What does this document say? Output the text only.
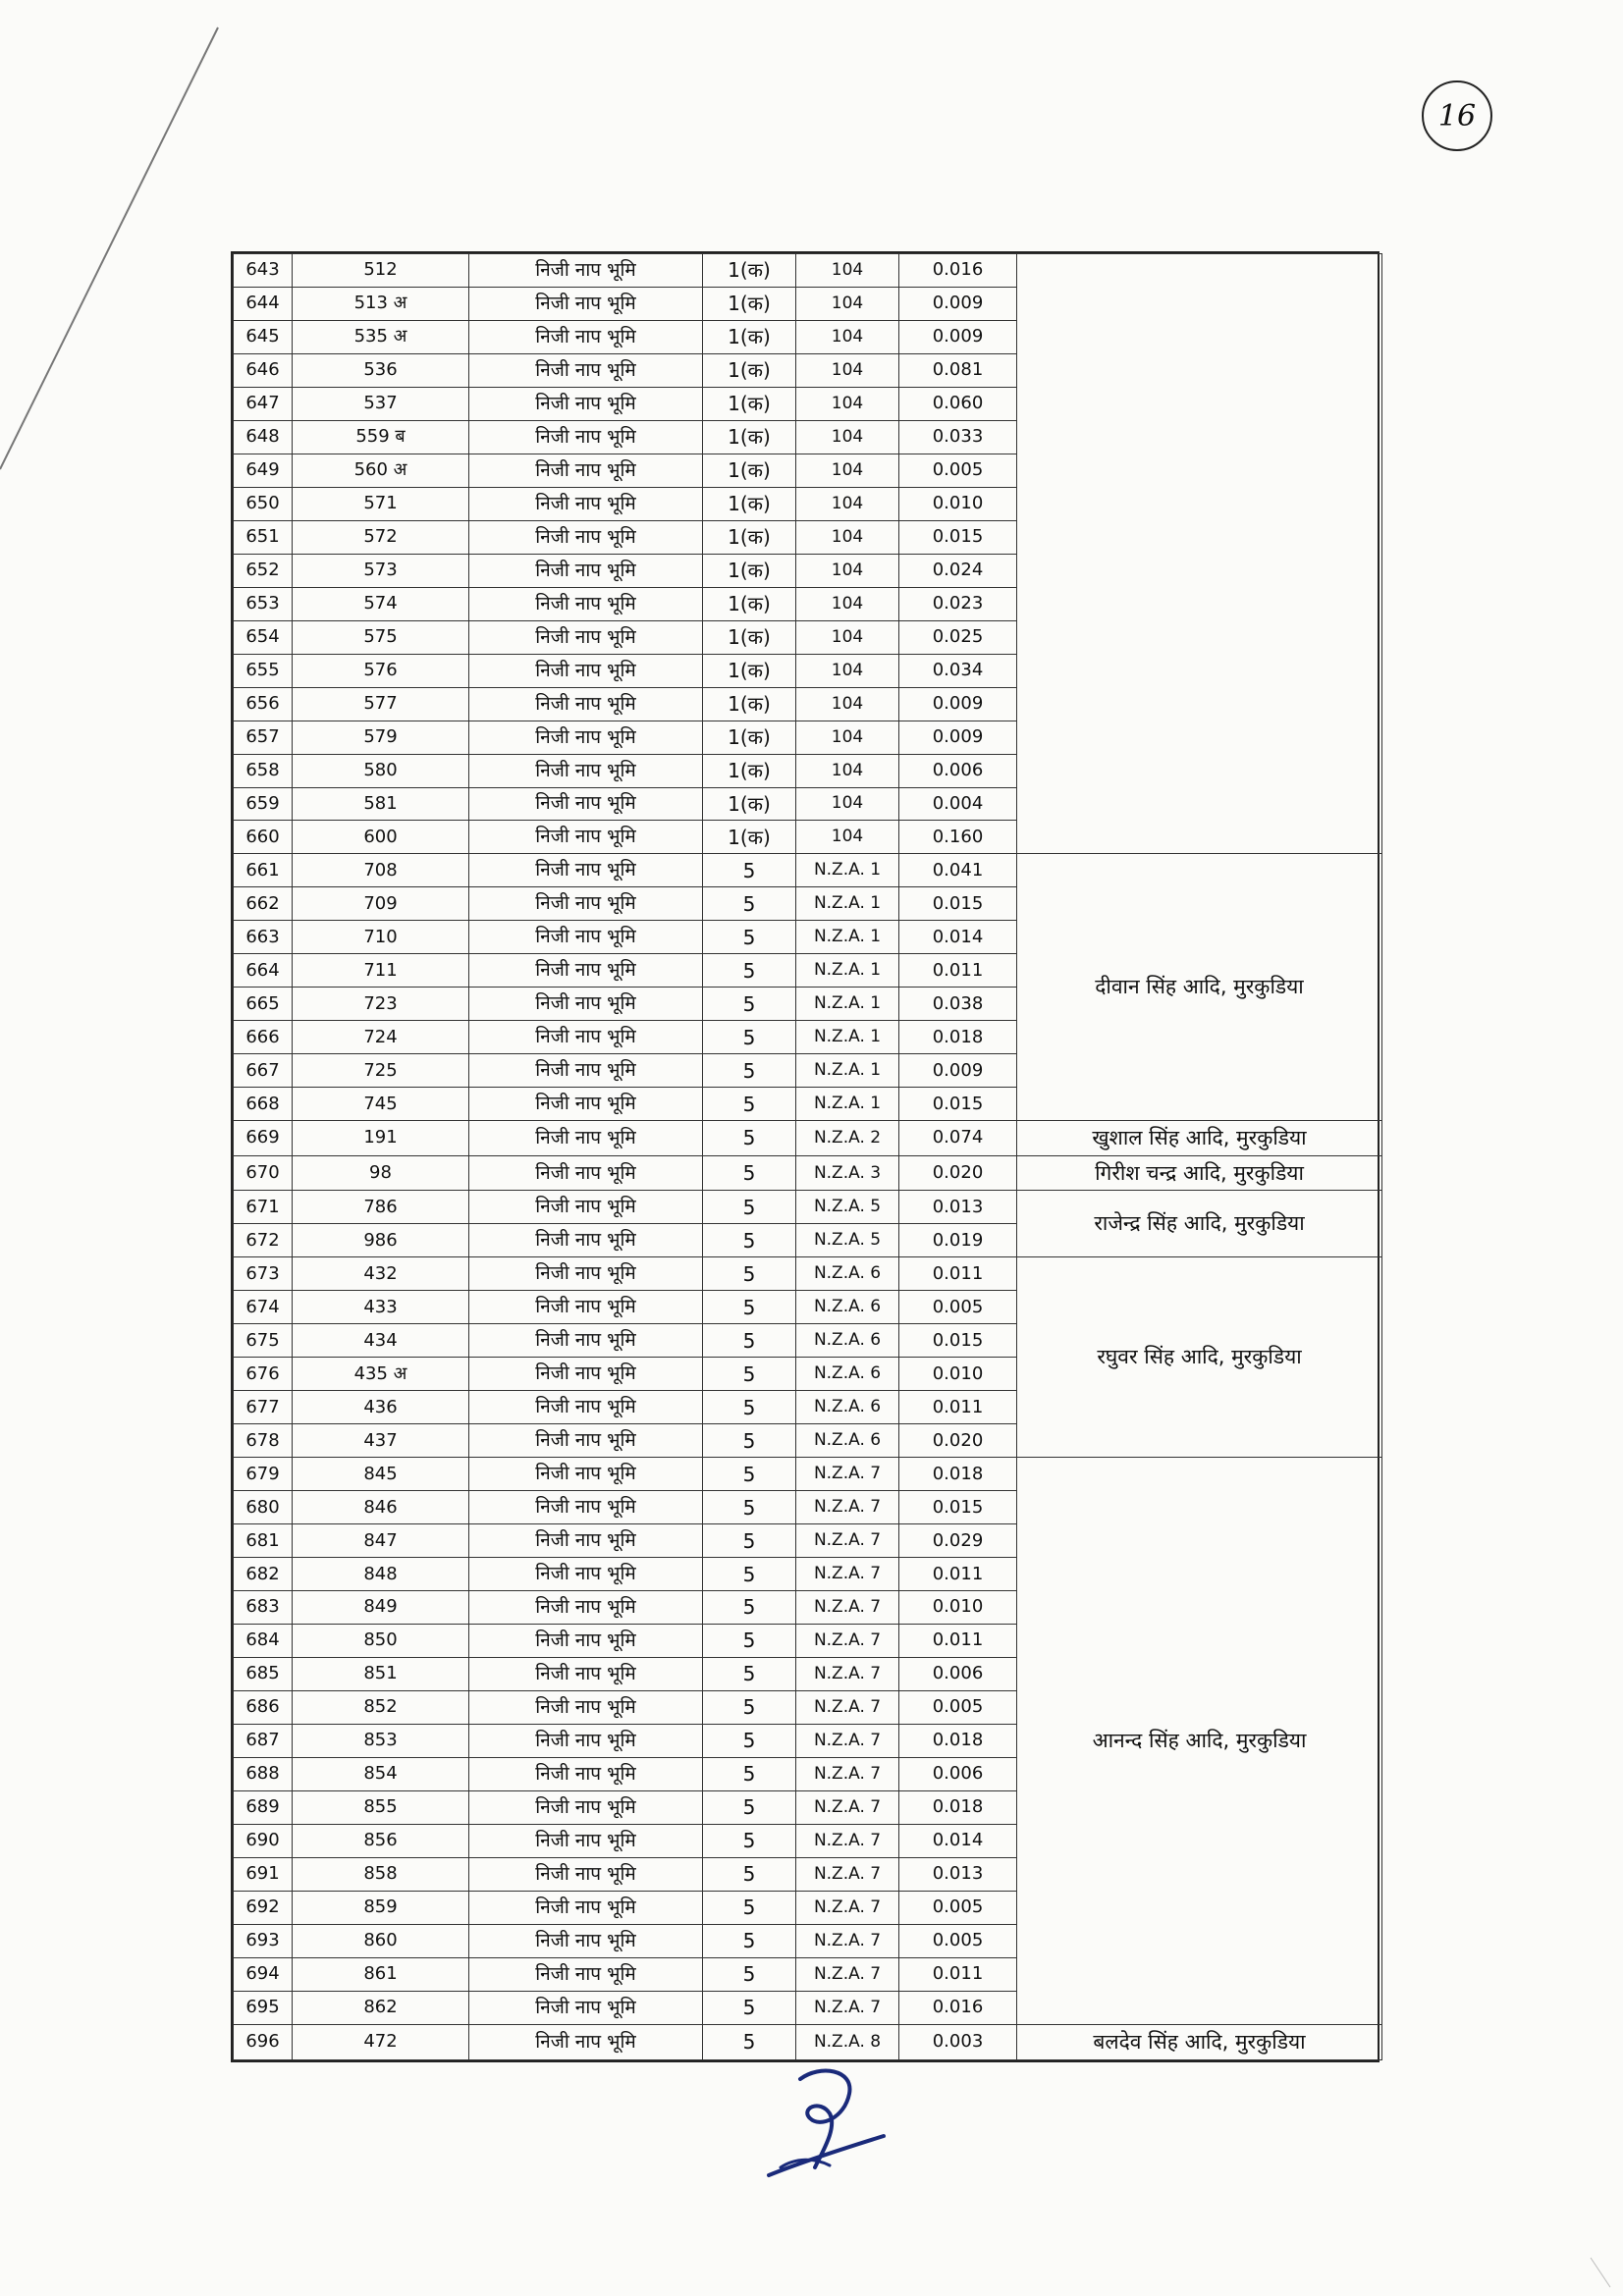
16
643	512	निजी नाप भूमि	1(क)	104	0.016	
644	513 अ	निजी नाप भूमि	1(क)	104	0.009	
645	535 अ	निजी नाप भूमि	1(क)	104	0.009	
646	536	निजी नाप भूमि	1(क)	104	0.081	
647	537	निजी नाप भूमि	1(क)	104	0.060	
648	559 ब	निजी नाप भूमि	1(क)	104	0.033	
649	560 अ	निजी नाप भूमि	1(क)	104	0.005	
650	571	निजी नाप भूमि	1(क)	104	0.010	
651	572	निजी नाप भूमि	1(क)	104	0.015	
652	573	निजी नाप भूमि	1(क)	104	0.024	
653	574	निजी नाप भूमि	1(क)	104	0.023	
654	575	निजी नाप भूमि	1(क)	104	0.025	
655	576	निजी नाप भूमि	1(क)	104	0.034	
656	577	निजी नाप भूमि	1(क)	104	0.009	
657	579	निजी नाप भूमि	1(क)	104	0.009	
658	580	निजी नाप भूमि	1(क)	104	0.006	
659	581	निजी नाप भूमि	1(क)	104	0.004	
660	600	निजी नाप भूमि	1(क)	104	0.160	
661	708	निजी नाप भूमि	5	N.Z.A. 1	0.041	दीवान सिंह आदि, मुरकुडिया
662	709	निजी नाप भूमि	5	N.Z.A. 1	0.015	
663	710	निजी नाप भूमि	5	N.Z.A. 1	0.014	
664	711	निजी नाप भूमि	5	N.Z.A. 1	0.011	
665	723	निजी नाप भूमि	5	N.Z.A. 1	0.038	
666	724	निजी नाप भूमि	5	N.Z.A. 1	0.018	
667	725	निजी नाप भूमि	5	N.Z.A. 1	0.009	
668	745	निजी नाप भूमि	5	N.Z.A. 1	0.015	
669	191	निजी नाप भूमि	5	N.Z.A. 2	0.074	खुशाल सिंह आदि, मुरकुडिया
670	98	निजी नाप भूमि	5	N.Z.A. 3	0.020	गिरीश चन्द्र आदि, मुरकुडिया
671	786	निजी नाप भूमि	5	N.Z.A. 5	0.013	राजेन्द्र सिंह आदि, मुरकुडिया
672	986	निजी नाप भूमि	5	N.Z.A. 5	0.019	
673	432	निजी नाप भूमि	5	N.Z.A. 6	0.011	रघुवर सिंह आदि, मुरकुडिया
674	433	निजी नाप भूमि	5	N.Z.A. 6	0.005	
675	434	निजी नाप भूमि	5	N.Z.A. 6	0.015	
676	435 अ	निजी नाप भूमि	5	N.Z.A. 6	0.010	
677	436	निजी नाप भूमि	5	N.Z.A. 6	0.011	
678	437	निजी नाप भूमि	5	N.Z.A. 6	0.020	
679	845	निजी नाप भूमि	5	N.Z.A. 7	0.018	आनन्द सिंह आदि, मुरकुडिया
680	846	निजी नाप भूमि	5	N.Z.A. 7	0.015	
681	847	निजी नाप भूमि	5	N.Z.A. 7	0.029	
682	848	निजी नाप भूमि	5	N.Z.A. 7	0.011	
683	849	निजी नाप भूमि	5	N.Z.A. 7	0.010	
684	850	निजी नाप भूमि	5	N.Z.A. 7	0.011	
685	851	निजी नाप भूमि	5	N.Z.A. 7	0.006	
686	852	निजी नाप भूमि	5	N.Z.A. 7	0.005	
687	853	निजी नाप भूमि	5	N.Z.A. 7	0.018	
688	854	निजी नाप भूमि	5	N.Z.A. 7	0.006	
689	855	निजी नाप भूमि	5	N.Z.A. 7	0.018	
690	856	निजी नाप भूमि	5	N.Z.A. 7	0.014	
691	858	निजी नाप भूमि	5	N.Z.A. 7	0.013	
692	859	निजी नाप भूमि	5	N.Z.A. 7	0.005	
693	860	निजी नाप भूमि	5	N.Z.A. 7	0.005	
694	861	निजी नाप भूमि	5	N.Z.A. 7	0.011	
695	862	निजी नाप भूमि	5	N.Z.A. 7	0.016	
696	472	निजी नाप भूमि	5	N.Z.A. 8	0.003	बलदेव सिंह आदि, मुरकुडिया
